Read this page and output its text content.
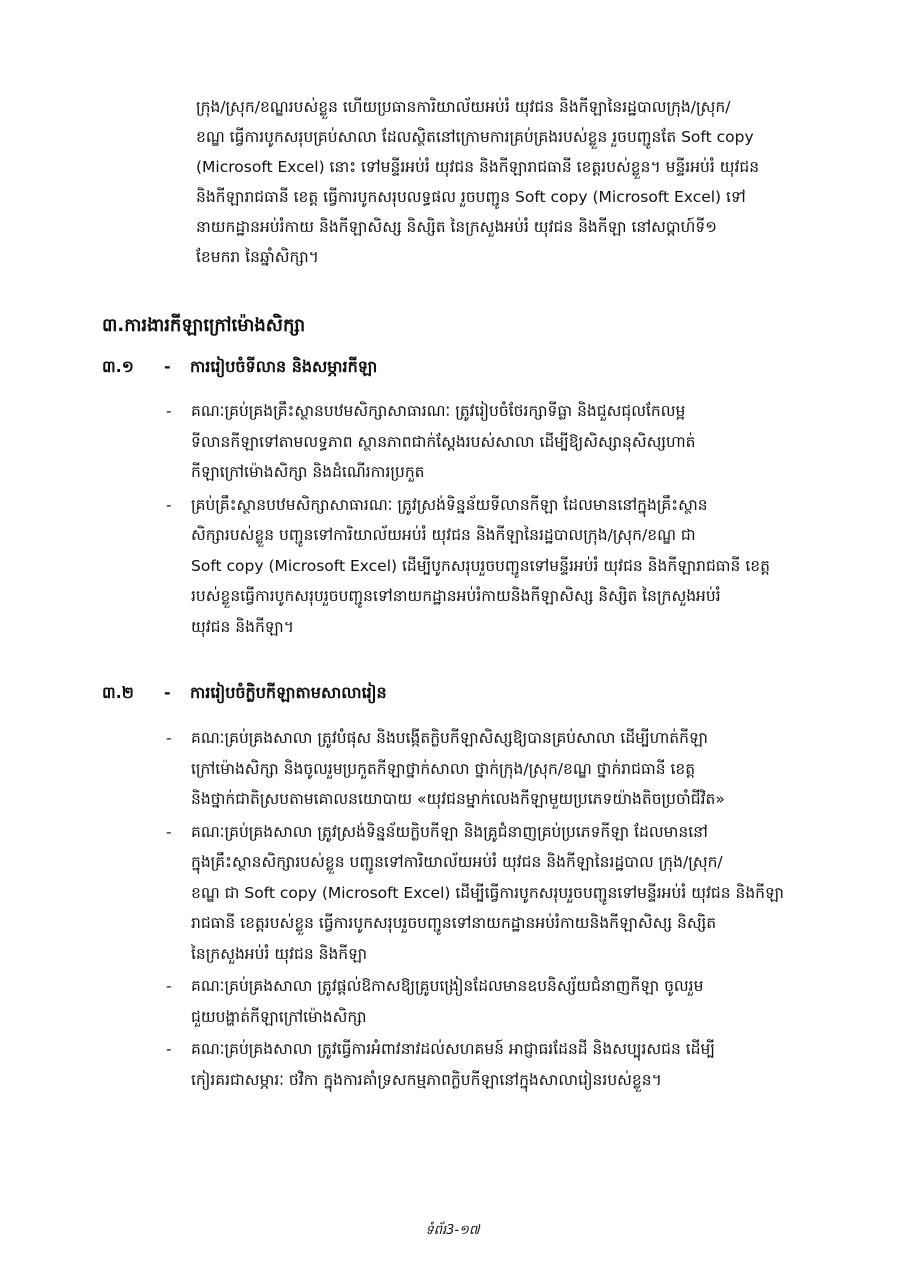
ក្រុង/ស្រុក/ខណ្ឌរបស់ខ្លួន ហើយប្រធានការិយាល័យអប់រំ យុវជន និងកីឡានៃរដ្ឋបាលក្រុង/ស្រុក/
ខណ្ឌ ធ្វើការបូកសរុបគ្រប់សាលា ដែលស្ថិតនៅក្រោមការគ្រប់គ្រងរបស់ខ្លួន រួចបញ្ជូនតែ Soft copy
(Microsoft Excel) នោះ ទៅមន្ទីរអប់រំ យុវជន និងកីឡារាជធានី ខេត្តរបស់ខ្លួន។ មន្ទីរអប់រំ យុវជន
និងកីឡារាជធានី ខេត្ត ធ្វើការបូកសរុបលទ្ធផល រួចបញ្ជូន Soft copy (Microsoft Excel) ទៅ
នាយកដ្ឋានអប់រំកាយ និងកីឡាសិស្ស និស្សិត នៃក្រសួងអប់រំ យុវជន និងកីឡា នៅសប្តាហ៍ទី១
ខែមករា នៃឆ្នាំសិក្សា។

៣.ការងារកីឡាក្រៅម៉ោងសិក្សា
៣.១ - ការរៀបចំទីលាន និងសម្ភារកីឡា
- គណៈគ្រប់គ្រងគ្រឹះស្ថានបឋមសិក្សាសាធារណៈ ត្រូវរៀបចំថែរក្សាទីធ្លា និងជួសជុលកែលម្អ
ទីលានកីឡាទៅតាមលទ្ធភាព ស្ថានភាពជាក់ស្តែងរបស់សាលា ដើម្បីឱ្យសិស្សានុសិស្សហាត់
កីឡាក្រៅម៉ោងសិក្សា និងដំណើរការប្រកួត
- គ្រប់គ្រឹះស្ថានបឋមសិក្សាសាធារណៈ ត្រូវស្រង់ទិន្នន័យទីលានកីឡា ដែលមាននៅក្នុងគ្រឹះស្ថាន
សិក្សារបស់ខ្លួន បញ្ជូនទៅការិយាល័យអប់រំ យុវជន និងកីឡានៃរដ្ឋបាលក្រុង/ស្រុក/ខណ្ឌ ជា
Soft copy (Microsoft Excel) ដើម្បីបូកសរុបរួចបញ្ជូនទៅមន្ទីរអប់រំ យុវជន និងកីឡារាជធានី ខេត្ត
របស់ខ្លួនធ្វើការបូកសរុបរួចបញ្ជូនទៅនាយកដ្ឋានអប់រំកាយនិងកីឡាសិស្ស និស្សិត នៃក្រសួងអប់រំ
យុវជន និងកីឡា។
៣.២ - ការរៀបចំក្លិបកីឡាតាមសាលារៀន
- គណៈគ្រប់គ្រងសាលា ត្រូវបំផុស និងបង្កើតក្លិបកីឡាសិស្សឱ្យបានគ្រប់សាលា ដើម្បីហាត់កីឡា
ក្រៅម៉ោងសិក្សា និងចូលរួមប្រកួតកីឡាថ្នាក់សាលា ថ្នាក់ក្រុង/ស្រុក/ខណ្ឌ ថ្នាក់រាជធានី ខេត្ត
និងថ្នាក់ជាតិស្របតាមគោលនយោបាយ «យុវជនម្នាក់លេងកីឡាមួយប្រភេទយ៉ាងតិចប្រចាំជីវិត»
- គណៈគ្រប់គ្រងសាលា ត្រូវស្រង់ទិន្នន័យក្លិបកីឡា និងគ្រូជំនាញគ្រប់ប្រភេទកីឡា ដែលមាននៅ
ក្នុងគ្រឹះស្ថានសិក្សារបស់ខ្លួន បញ្ជូនទៅការិយាល័យអប់រំ យុវជន និងកីឡានៃរដ្ឋបាល ក្រុង/ស្រុក/
ខណ្ឌ ជា Soft copy (Microsoft Excel) ដើម្បីធ្វើការបូកសរុបរួចបញ្ជូនទៅមន្ទីរអប់រំ យុវជន និងកីឡា
រាជធានី ខេត្តរបស់ខ្លួន ធ្វើការបូកសរុបរួចបញ្ជូនទៅនាយកដ្ឋានអប់រំកាយនិងកីឡាសិស្ស និស្សិត
នៃក្រសួងអប់រំ យុវជន និងកីឡា
- គណៈគ្រប់គ្រងសាលា ត្រូវផ្តល់ឱកាសឱ្យគ្រូបង្រៀនដែលមានឧបនិស្ស័យជំនាញកីឡា ចូលរួម
ជួយបង្ហាត់កីឡាក្រៅម៉ោងសិក្សា
- គណៈគ្រប់គ្រងសាលា ត្រូវធ្វើការអំពាវនាវដល់សហគមន៍ អាជ្ញាធរដែនដី និងសប្បុរសជន ដើម្បី
កៀរគរជាសម្ភារៈ ថវិកា ក្នុងការគាំទ្រសកម្មភាពក្លិបកីឡានៅក្នុងសាលារៀនរបស់ខ្លួន។
ទំព័រ3-១៧
